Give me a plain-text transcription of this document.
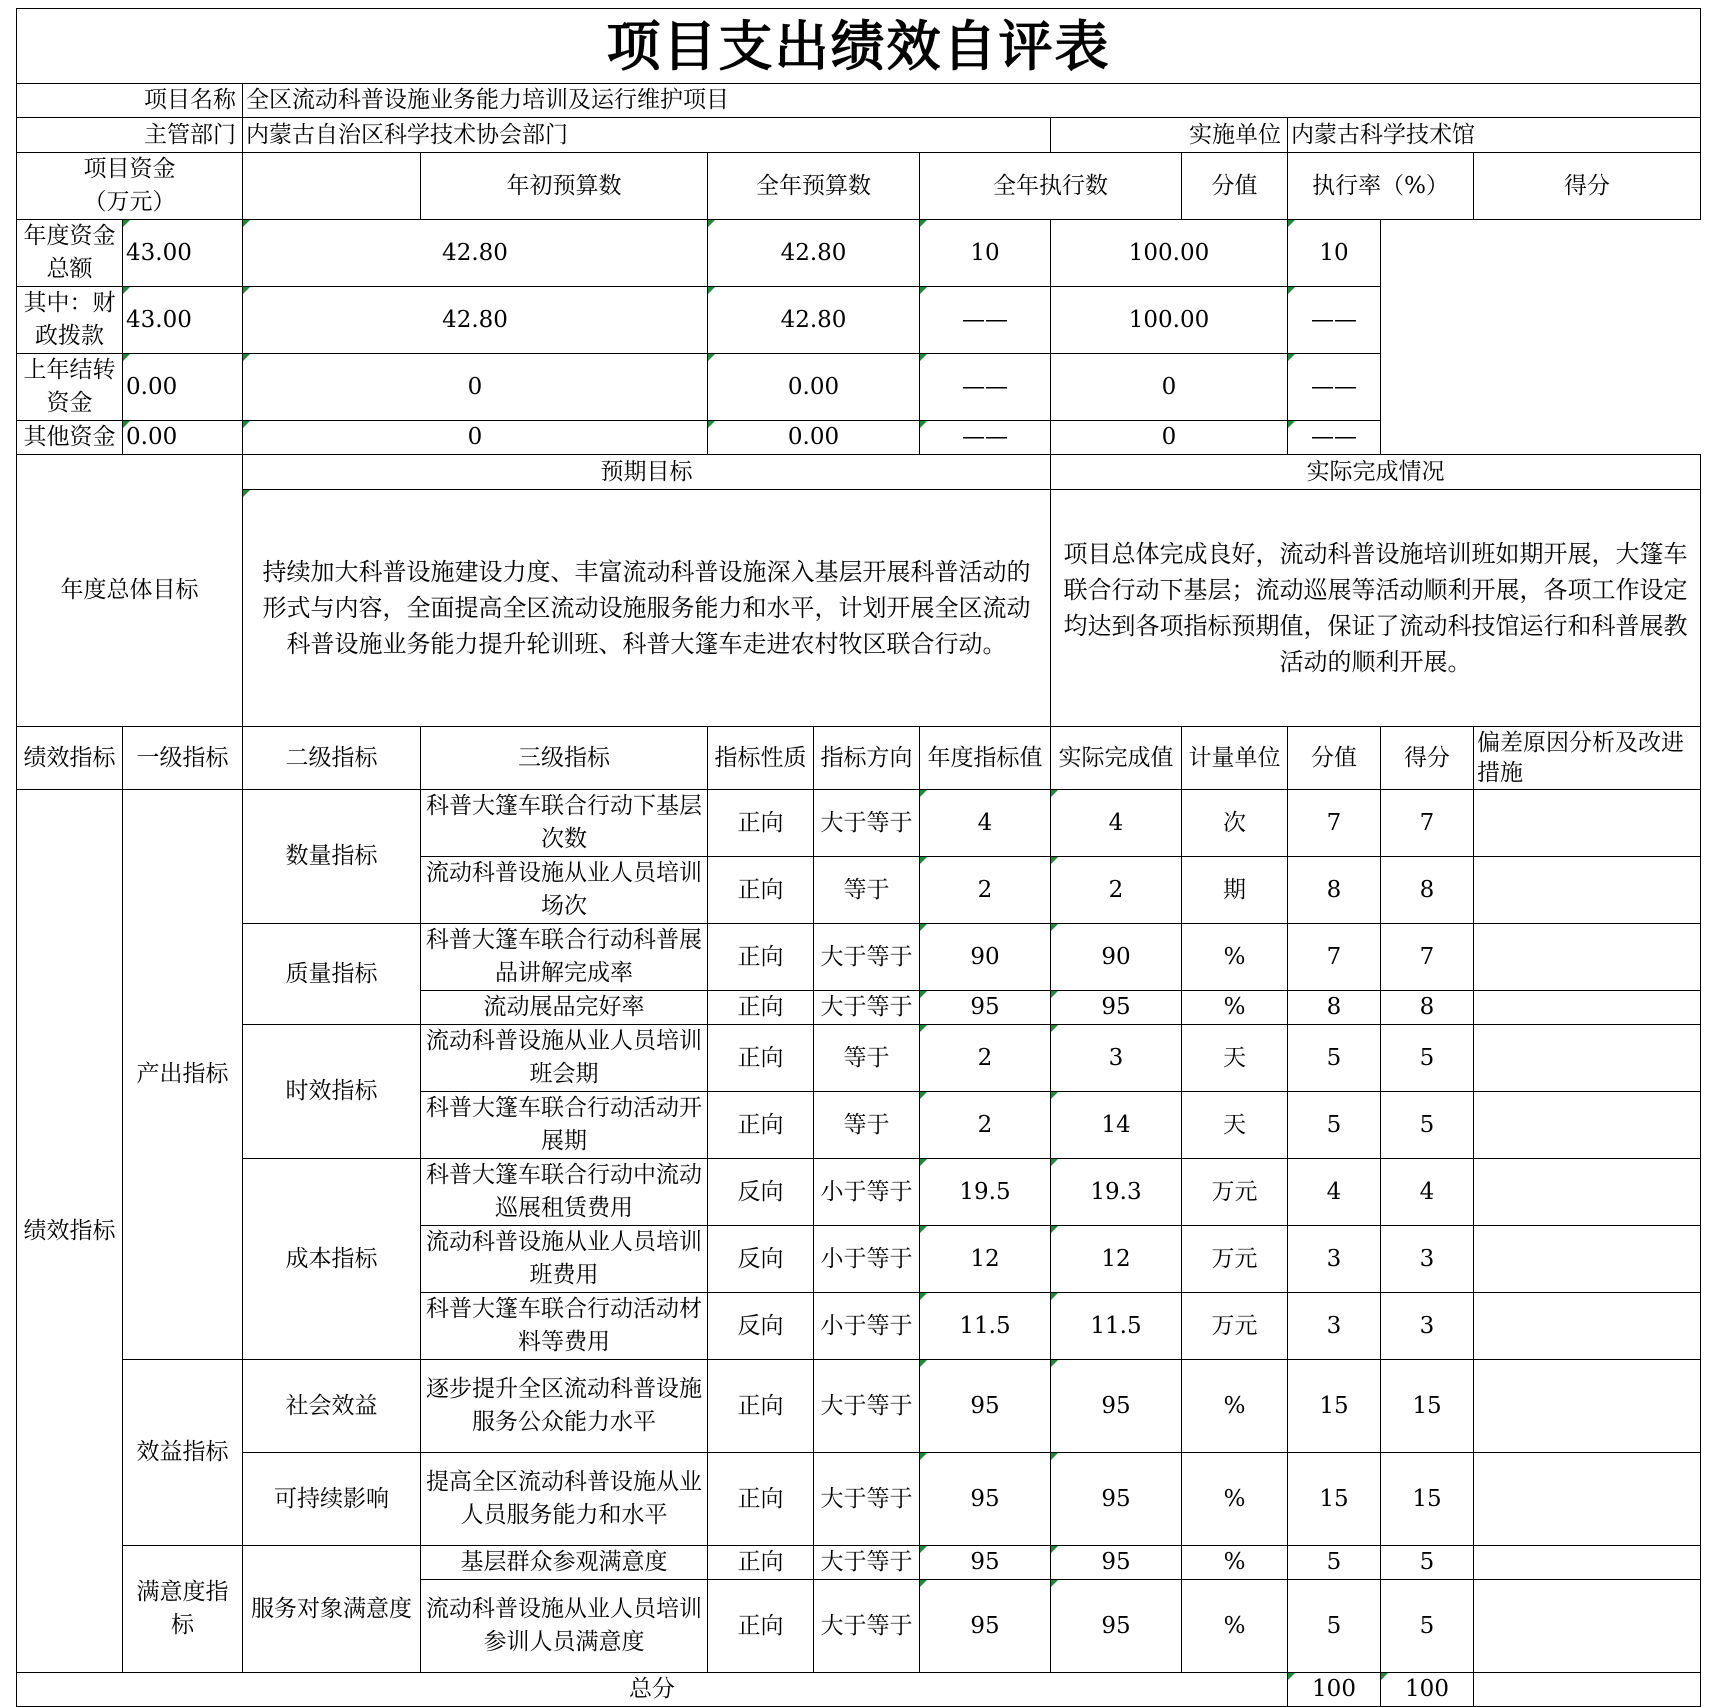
项目支出绩效自评表											
项目名称		全区流动科普设施业务能力培训及运行维护项目									
主管部门		内蒙古自治区科学技术协会部门					实施单位		内蒙古科学技术馆		
项目资金
（万元）			年初预算数	全年预算数		全年执行数		分值	执行率（%）		得分
年度资金总额	43.00	42.80		42.80		10	100.00		10		
其中：财政拨款	43.00	42.80		42.80		——	100.00		——		
上年结转资金	0.00	0		0.00		——	0		——		
其他资金	0.00	0		0.00		——	0		——		
年度总体目标		预期目标					实际完成情况				
		持续加大科普设施建设力度、丰富流动科普设施深入基层开展科普活动的形式与内容，全面提高全区流动设施服务能力和水平，计划开展全区流动科普设施业务能力提升轮训班、科普大篷车走进农村牧区联合行动。					项目总体完成良好，流动科普设施培训班如期开展，大篷车联合行动下基层；流动巡展等活动顺利开展，各项工作设定均达到各项指标预期值，保证了流动科技馆运行和科普展教活动的顺利开展。				
绩效指标	一级指标	二级指标	三级指标	指标性质	指标方向	年度指标值	实际完成值	计量单位	分值	得分	偏差原因分析及改进措施
绩效指标	产出指标	数量指标	科普大篷车联合行动下基层次数	正向	大于等于	4	4	次	7	7	
			流动科普设施从业人员培训场次	正向	等于	2	2	期	8	8	
		质量指标	科普大篷车联合行动科普展品讲解完成率	正向	大于等于	90	90	%	7	7	
			流动展品完好率	正向	大于等于	95	95	%	8	8	
		时效指标	流动科普设施从业人员培训班会期	正向	等于	2	3	天	5	5	
			科普大篷车联合行动活动开展期	正向	等于	2	14	天	5	5	
		成本指标	科普大篷车联合行动中流动巡展租赁费用	反向	小于等于	19.5	19.3	万元	4	4	
			流动科普设施从业人员培训班费用	反向	小于等于	12	12	万元	3	3	
			科普大篷车联合行动活动材料等费用	反向	小于等于	11.5	11.5	万元	3	3	
	效益指标	社会效益	逐步提升全区流动科普设施服务公众能力水平	正向	大于等于	95	95	%	15	15	
		可持续影响	提高全区流动科普设施从业人员服务能力和水平	正向	大于等于	95	95	%	15	15	
	满意度指标	服务对象满意度	基层群众参观满意度	正向	大于等于	95	95	%	5	5	
			流动科普设施从业人员培训参训人员满意度	正向	大于等于	95	95	%	5	5	
总分									100	100	
